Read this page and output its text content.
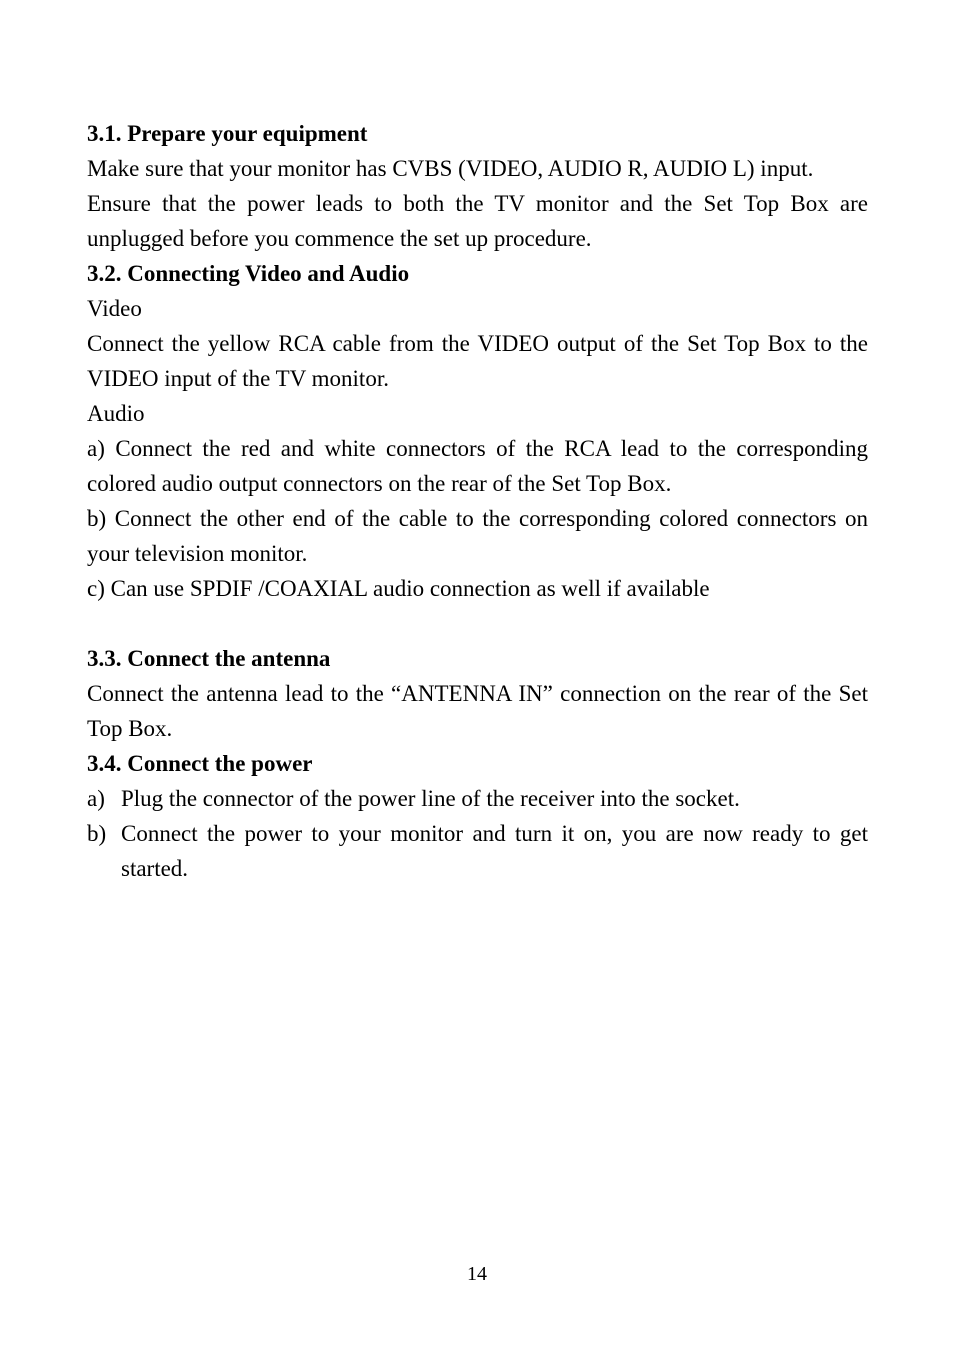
3.1. Prepare your equipment

Make sure that your monitor has CVBS (VIDEO, AUDIO R, AUDIO L) input.

Ensure that the power leads to both the TV monitor and the Set Top Box are unplugged before you commence the set up procedure.

3.2. Connecting Video and Audio

Video

Connect the yellow RCA cable from the VIDEO output of the Set Top Box to the VIDEO input of the TV monitor.

Audio

a) Connect the red and white connectors of the RCA lead to the corresponding colored audio output connectors on the rear of the Set Top Box.

b) Connect the other end of the cable to the corresponding colored connectors on your television monitor.

c) Can use SPDIF /COAXIAL audio connection as well if available

3.3. Connect the antenna

Connect the antenna lead to the “ANTENNA IN” connection on the rear of the Set Top Box.

3.4. Connect the power

a) Plug the connector of the power line of the receiver into the socket.
b) Connect the power to your monitor and turn it on, you are now ready to get started.
14
